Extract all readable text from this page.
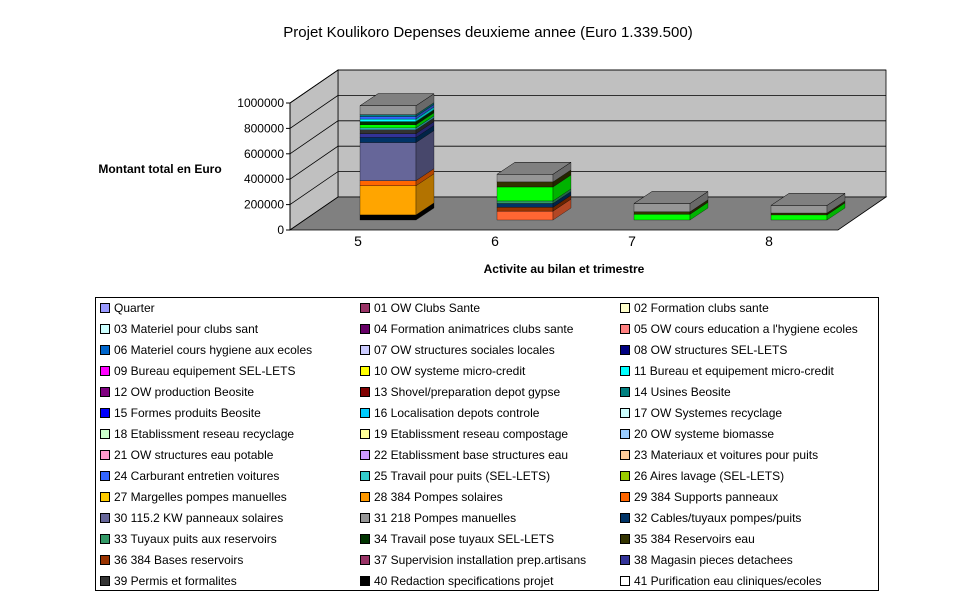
Projet Koulikoro Depenses deuxieme annee (Euro 1.339.500)
0
200000
400000
600000
800000
1000000
5	6	7	8
Montant total en Euro
Activite au bilan et trimestre
Quarter	01 OW Clubs Sante	02 Formation clubs sante
03 Materiel pour clubs sant	04 Formation animatrices clubs sante	05 OW cours education a l'hygiene ecoles
06 Materiel cours hygiene aux ecoles	07 OW structures sociales locales	08 OW structures SEL-LETS
09 Bureau equipement SEL-LETS	10 OW systeme micro-credit	11 Bureau et equipement micro-credit
12 OW production Beosite	13 Shovel/preparation depot gypse	14 Usines Beosite
15 Formes produits Beosite	16 Localisation depots controle	17 OW Systemes recyclage
18 Etablissment reseau recyclage	19 Etablissment reseau compostage	20 OW systeme biomasse
21 OW structures eau potable	22 Etablissment base structures eau	23 Materiaux et voitures pour puits
24 Carburant entretien voitures	25 Travail pour puits (SEL-LETS)	26 Aires lavage (SEL-LETS)
27 Margelles pompes manuelles	28 384 Pompes solaires	29 384 Supports panneaux
30 115.2 KW panneaux solaires	31 218 Pompes manuelles	32 Cables/tuyaux pompes/puits
33 Tuyaux puits aux reservoirs	34 Travail pose tuyaux SEL-LETS	35 384 Reservoirs eau
36 384 Bases reservoirs	37 Supervision installation prep.artisans	38 Magasin pieces detachees
39 Permis et formalites	40 Redaction specifications projet	41 Purification eau cliniques/ecoles
